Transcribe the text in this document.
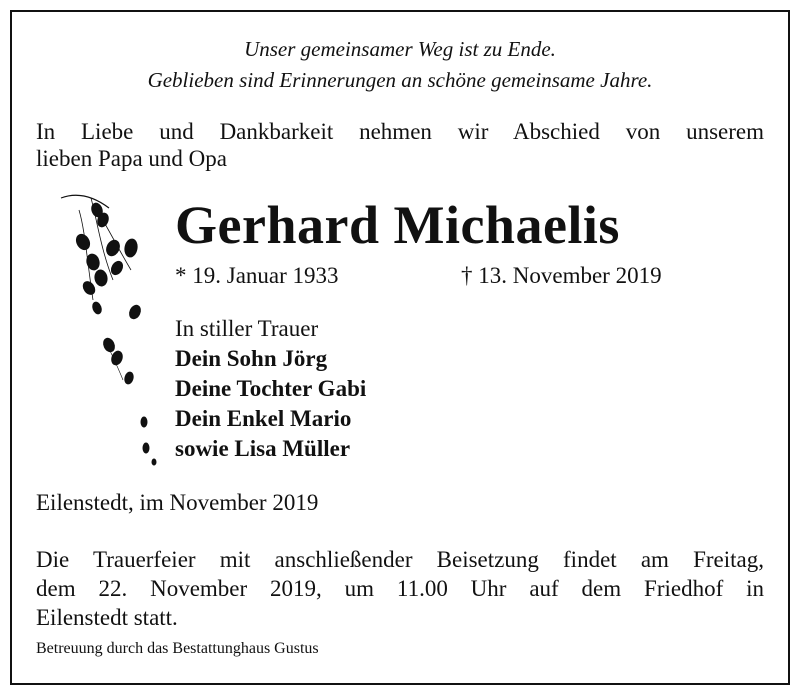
Unser gemeinsamer Weg ist zu Ende.
Geblieben sind Erinnerungen an schöne gemeinsame Jahre.
In Liebe und Dankbarkeit nehmen wir Abschied von unserem
lieben Papa und Opa
Gerhard Michaelis
* 19. Januar 1933	† 13. November 2019
In stiller Trauer
Dein Sohn Jörg
Deine Tochter Gabi
Dein Enkel Mario
sowie Lisa Müller
Eilenstedt, im November 2019
Die Trauerfeier mit anschließender Beisetzung findet am Freitag,
dem 22. November 2019, um 11.00 Uhr auf dem Friedhof in
Eilenstedt statt.
Betreuung durch das Bestattunghaus Gustus
